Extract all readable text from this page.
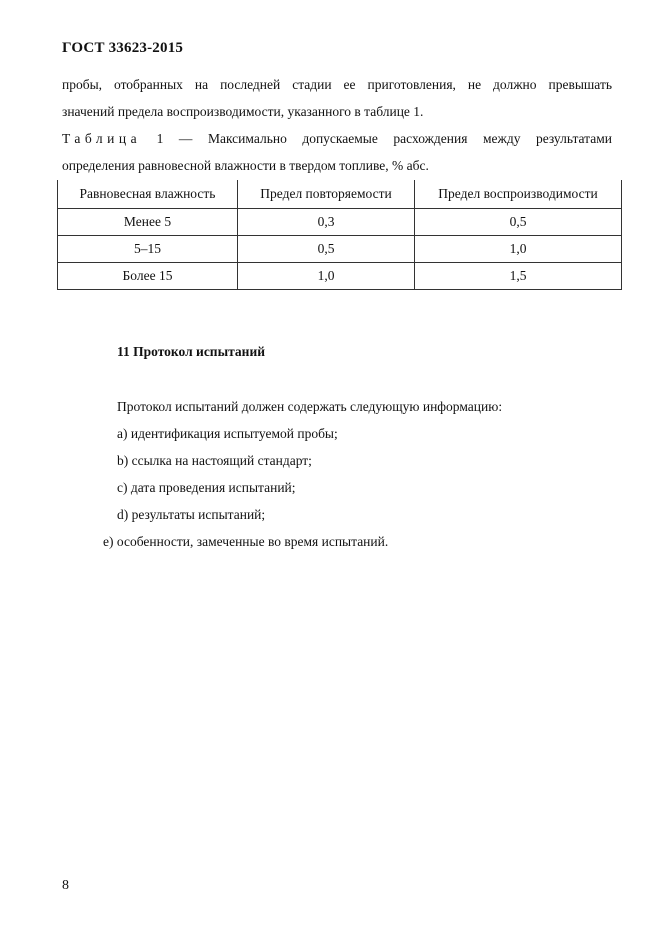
ГОСТ 33623-2015
пробы, отобранных на последней стадии ее приготовления, не должно превышать
значений предела воспроизводимости, указанного в таблице 1.
Таблица 1 — Максимально допускаемые расхождения между результатами
определения равновесной влажности в твердом топливе, % абс.
Равновесная влажность	Предел повторяемости	Предел воспроизводимости
Менее 5	0,3	0,5
5–15	0,5	1,0
Более 15	1,0	1,5
11 Протокол испытаний
Протокол испытаний должен содержать следующую информацию:
a) идентификация испытуемой пробы;
b) ссылка на настоящий стандарт;
c) дата проведения испытаний;
d) результаты испытаний;
e) особенности, замеченные во время испытаний.
8
